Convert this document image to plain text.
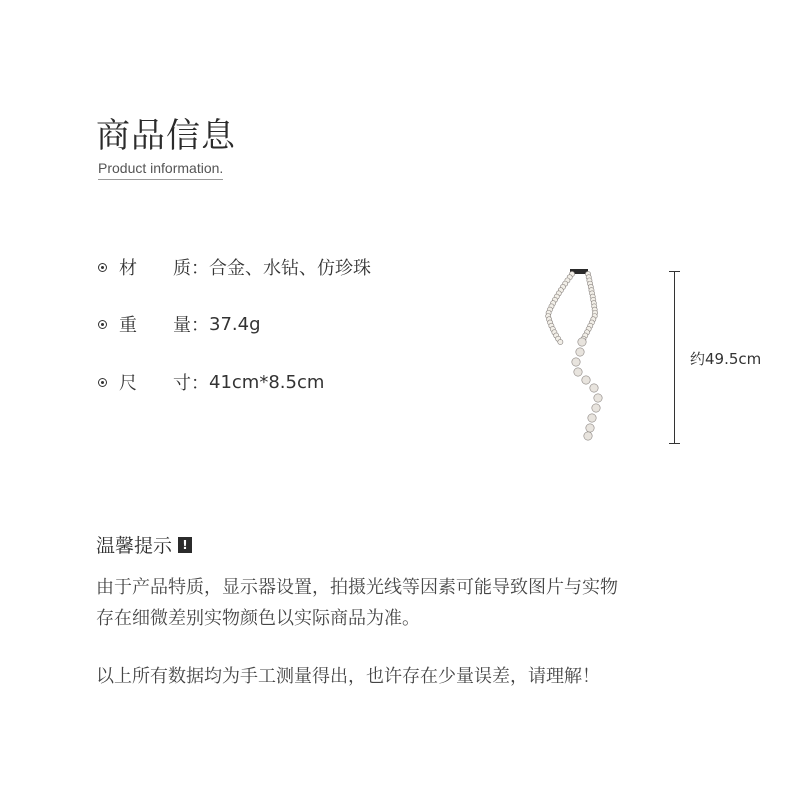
商品信息
Product information.
材	质： 合金、水钻、仿珍珠
重	量： 37.4g
尺	寸： 41cm*8.5cm
约49.5cm
温馨提示 !
由于产品特质，显示器设置，拍摄光线等因素可能导致图片与实物
存在细微差别实物颜色以实际商品为准。
以上所有数据均为手工测量得出，也许存在少量误差，请理解！
